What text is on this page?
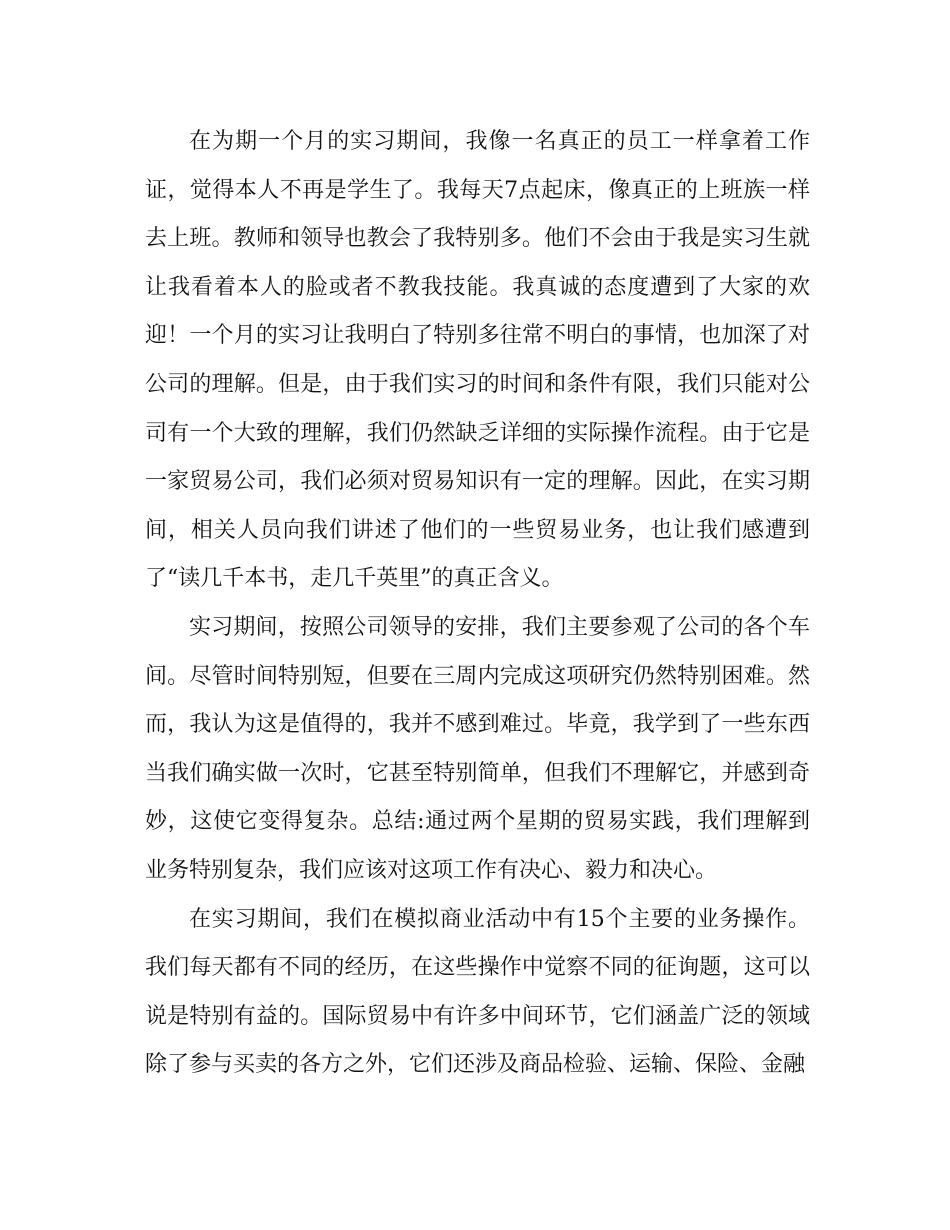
在为期一个月的实习期间，我像一名真正的员工一样拿着工作证，觉得本人不再是学生了。我每天7点起床，像真正的上班族一样去上班。教师和领导也教会了我特别多。他们不会由于我是实习生就让我看着本人的脸或者不教我技能。我真诚的态度遭到了大家的欢迎！一个月的实习让我明白了特别多往常不明白的事情，也加深了对公司的理解。但是，由于我们实习的时间和条件有限，我们只能对公司有一个大致的理解，我们仍然缺乏详细的实际操作流程。由于它是一家贸易公司，我们必须对贸易知识有一定的理解。因此，在实习期间，相关人员向我们讲述了他们的一些贸易业务，也让我们感遭到了“读几千本书，走几千英里”的真正含义。

实习期间，按照公司领导的安排，我们主要参观了公司的各个车间。尽管时间特别短，但要在三周内完成这项研究仍然特别困难。然而，我认为这是值得的，我并不感到难过。毕竟，我学到了一些东西当我们确实做一次时，它甚至特别简单，但我们不理解它，并感到奇妙，这使它变得复杂。总结:通过两个星期的贸易实践，我们理解到业务特别复杂，我们应该对这项工作有决心、毅力和决心。

在实习期间，我们在模拟商业活动中有15个主要的业务操作。我们每天都有不同的经历，在这些操作中觉察不同的征询题，这可以说是特别有益的。国际贸易中有许多中间环节，它们涵盖广泛的领域除了参与买卖的各方之外，它们还涉及商品检验、运输、保险、金融
